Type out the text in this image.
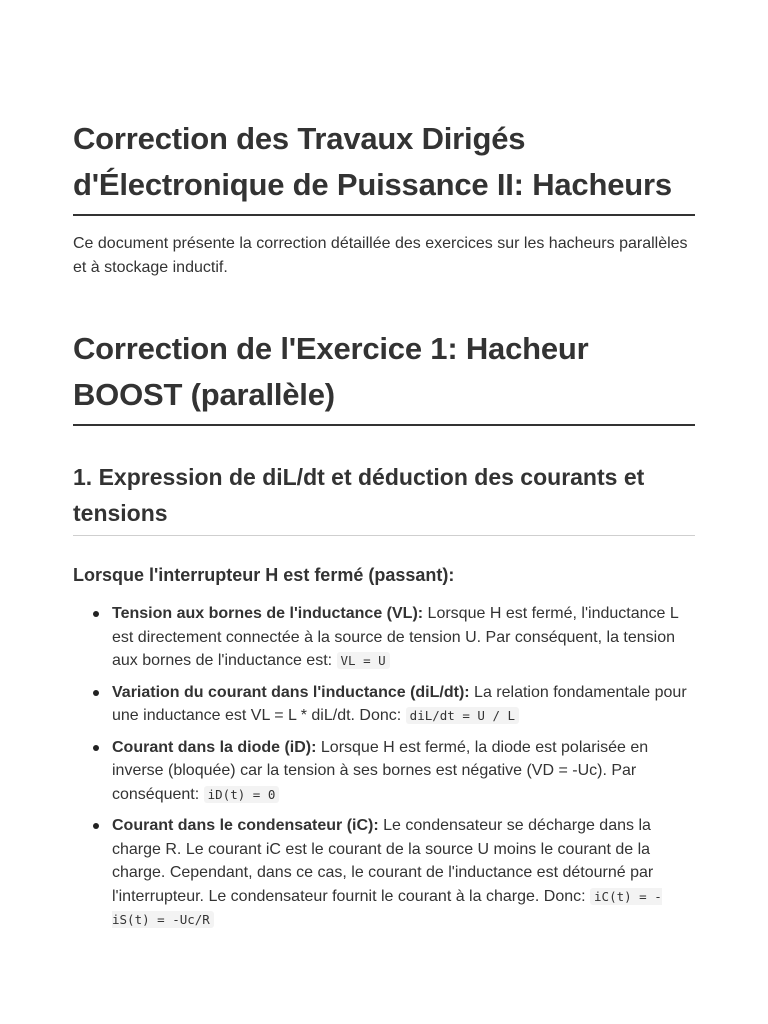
Correction des Travaux Dirigés d'Électronique de Puissance II: Hacheurs

Ce document présente la correction détaillée des exercices sur les hacheurs parallèles et à stockage inductif.

Correction de l'Exercice 1: Hacheur BOOST (parallèle)
1. Expression de diL/dt et déduction des courants et tensions
Lorsque l'interrupteur H est fermé (passant):
Tension aux bornes de l'inductance (VL): Lorsque H est fermé, l'inductance L est directement connectée à la source de tension U. Par conséquent, la tension aux bornes de l'inductance est: VL = U
Variation du courant dans l'inductance (diL/dt): La relation fondamentale pour une inductance est VL = L * diL/dt. Donc: diL/dt = U / L
Courant dans la diode (iD): Lorsque H est fermé, la diode est polarisée en inverse (bloquée) car la tension à ses bornes est négative (VD = -Uc). Par conséquent: iD(t) = 0
Courant dans le condensateur (iC): Le condensateur se décharge dans la charge R. Le courant iC est le courant de la source U moins le courant de la charge. Cependant, dans ce cas, le courant de l'inductance est détourné par l'interrupteur. Le condensateur fournit le courant à la charge. Donc: iC(t) = -iS(t) = -Uc/R
